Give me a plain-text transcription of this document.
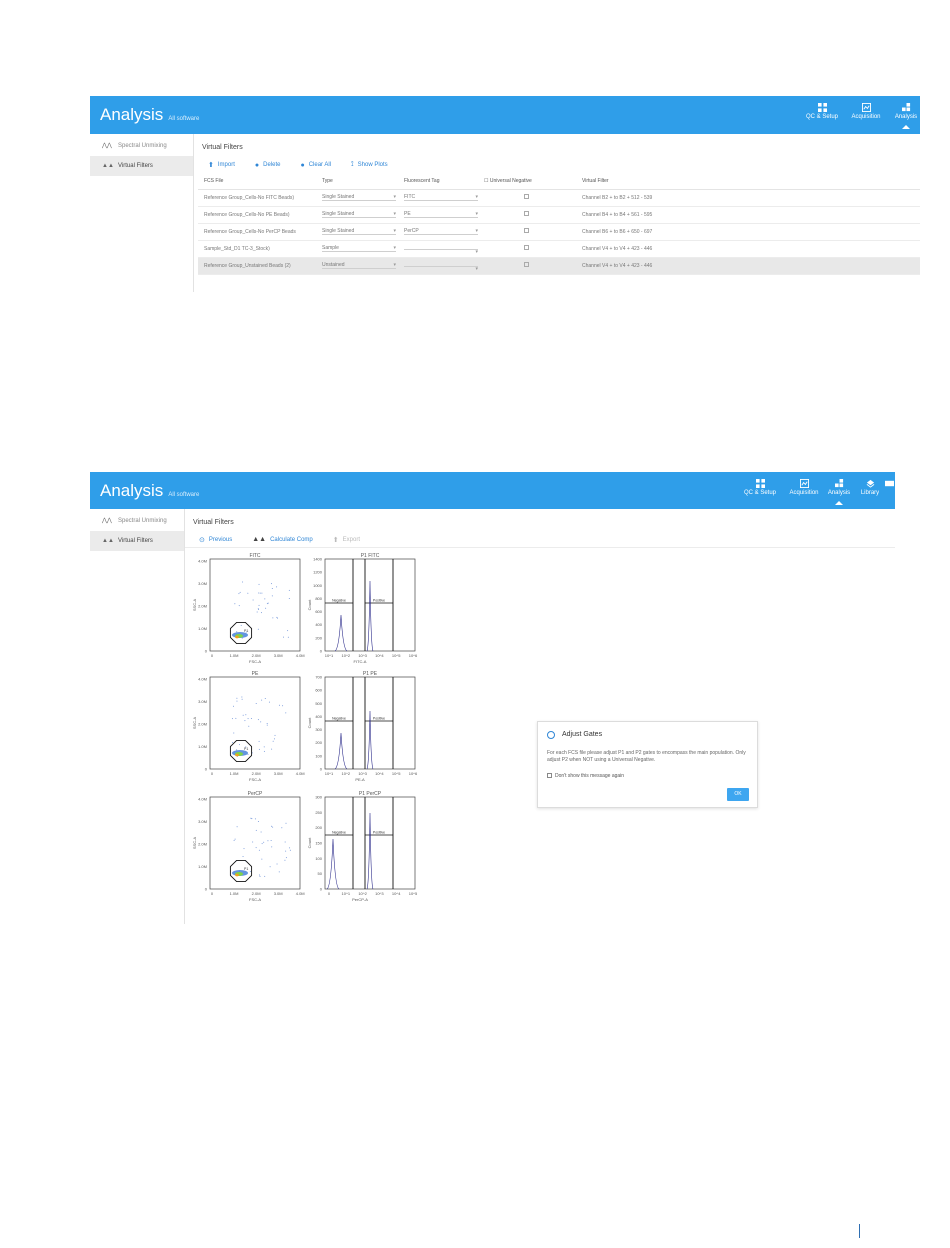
Analysis All software	QC & Setup	Acquisition	Analysis
⋀⋀ Spectral Unmixing
▲▲ Virtual Filters
Virtual Filters
⬆ Import	● Delete	● Clear All	⟟ Show Plots
FCS File	Type	Fluorescent Tag	☐ Universal Negative	Virtual Filter
Reference Group_Cells-No FITC Beads)	Single Stained ▾	FITC ▾		Channel B2 + to B2 + 512 - 539
Reference Group_Cells-No PE Beads)	Single Stained ▾	PE ▾		Channel B4 + to B4 + 561 - 595
Reference Group_Cells-No PerCP Beads	Single Stained ▾	PerCP ▾		Channel B6 + to B6 + 650 - 697
Sample_Std_D1 TC-3_Stock)	Sample ▾	▾		Channel V4 + to V4 + 423 - 446
Reference Group_Unstained Beads (2)	Unstained ▾	▾		Channel V4 + to V4 + 423 - 446
Analysis All software	QC & Setup	Acquisition	Analysis	Library
⋀⋀ Spectral Unmixing
▲▲ Virtual Filters
Virtual Filters
⊙ Previous	▲▲ Calculate Comp	⬆ Export
FITC
0
1.0M
2.0M
3.0M
4.0M
0	1.0M	2.0M	3.0M	4.0M
FSC-A
SSC-A
P1
P1 FITC
0
200
400
600
800
1000
1200
1400
10^1 10^2 10^3 10^4 10^5 10^6
FITC-A
Count	Negative	Positive
PE
0
1.0M
2.0M
3.0M
4.0M
0	1.0M	2.0M	3.0M	4.0M
FSC-A
SSC-A
P1
P1 PE
0
100
200
300
400
500
600
700
10^1 10^2 10^3 10^4 10^5 10^6
PE-A
Count	Negative	Positive
PerCP
0
1.0M
2.0M
3.0M
4.0M
0	1.0M	2.0M	3.0M	4.0M
FSC-A
SSC-A
P1
P1 PerCP
0
50
100
150
200
250
300
0	10^1 10^2 10^3 10^4 10^5
PerCP-A
Count
Negative	Positive
Adjust Gates
For each FCS file please adjust P1 and P2 gates to encompass the main population. Only adjust P2 when NOT using a Universal Negative.
Don't show this message again
OK
